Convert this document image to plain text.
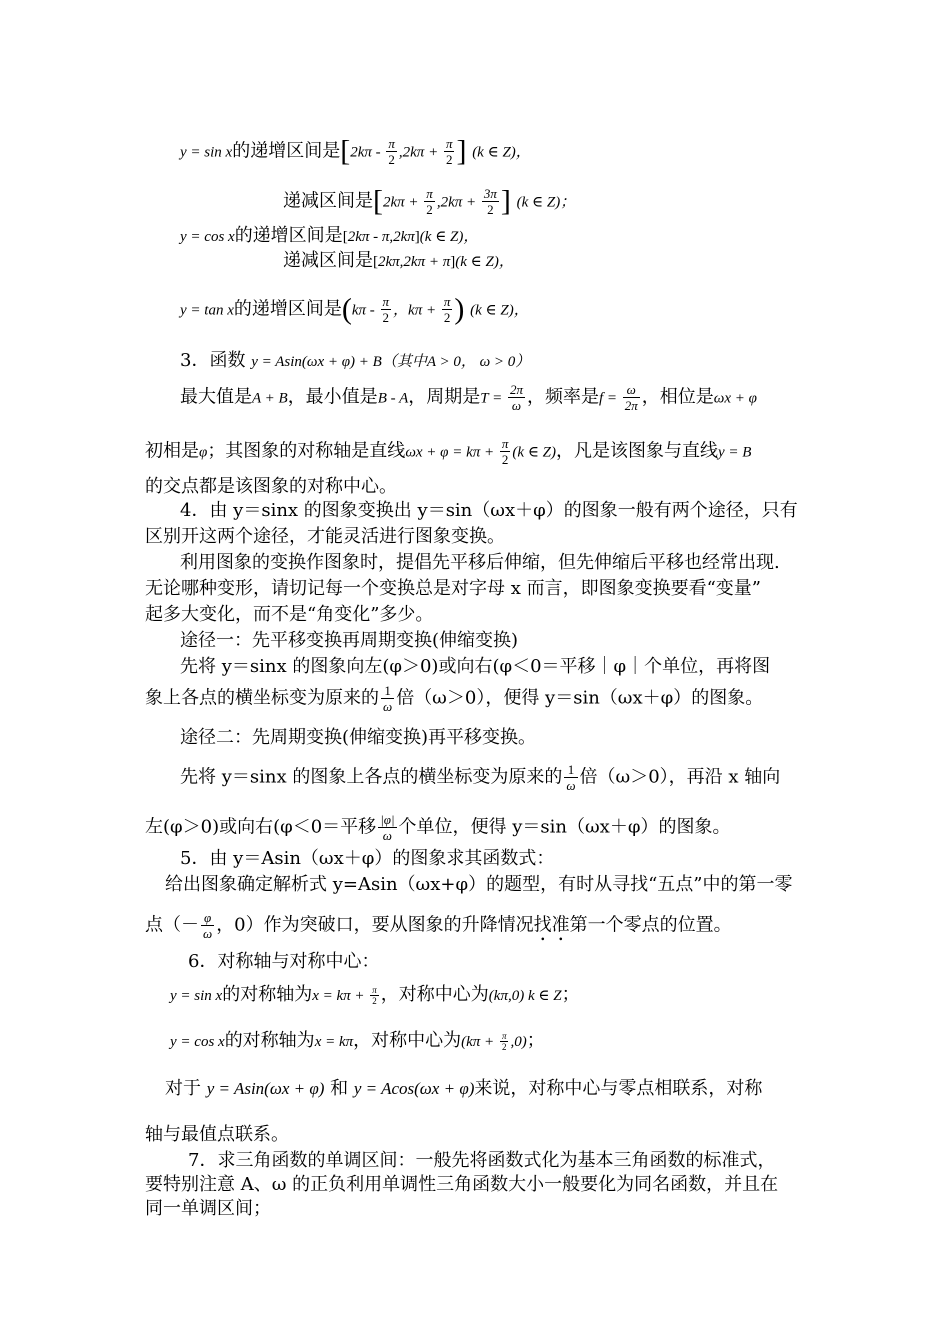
y = sin x的递增区间是[$2k\pi - \frac{\pi}{2} ,2k\pi + \frac{\pi}{2}$ ] (k ∈ Z)，
递减区间是[$2k\pi + \frac{\pi}{2} ,2k\pi + \frac{3\pi}{2}$ ] (k ∈ Z)；
y = cos x的递增区间是[2kπ - π,2kπ](k ∈ Z)，
递减区间是[2kπ,2kπ + π](k ∈ Z)，
y = tan x的递增区间是($k\pi - \frac{\pi}{2}$ ，$k\pi + \frac{\pi}{2}$ ) (k ∈ Z)，
3．函数 y = Asin(ωx + φ) + B（其中A > 0， ω > 0）
最大值是A + B，最小值是B - A，周期是$T = \frac{2\pi}{\omega}$ ，频率是$f = \frac{\omega}{2\pi}$ ，相位是ωx + φ
初相是φ；其图象的对称轴是直线$\omega x + \varphi = k\pi + \frac{\pi}{2} (k$ ∈ Z)，凡是该图象与直线y = B
的交点都是该图象的对称中心。
4．由 y＝sinx 的图象变换出 y＝sin（ωx＋φ）的图象一般有两个途径，只有
区别开这两个途径，才能灵活进行图象变换。
利用图象的变换作图象时，提倡先平移后伸缩，但先伸缩后平移也经常出现.
无论哪种变形，请切记每一个变换总是对字母 x 而言，即图象变换要看“变量”
起多大变化，而不是“角变化”多少。
途径一：先平移变换再周期变换(伸缩变换)
先将 y＝sinx 的图象向左(φ＞0)或向右(φ＜0＝平移｜φ｜个单位，再将图
象上各点的横坐标变为原来的 $\frac{1}{\omega}$ 倍（ω＞0），便得 y＝sin（ωx＋φ）的图象。
途径二：先周期变换(伸缩变换)再平移变换。
先将 y＝sinx 的图象上各点的横坐标变为原来的 $\frac{1}{\omega}$ 倍（ω＞0），再沿 x 轴向
左(φ＞0)或向右(φ＜0＝平移 $\frac{|\varphi|}{\omega}$ 个单位，便得 y＝sin（ωx＋φ）的图象。
5．由 y＝Asin（ωx＋φ）的图象求其函数式：
给出图象确定解析式 y=Asin（ωx+φ）的题型，有时从寻找“五点”中的第一零
点（－ $\frac{\varphi}{\omega}$ ，0）作为突破口，要从图象的升降情况找准第一个零点的位置。
6．对称轴与对称中心：
y = sin x的对称轴为$x = k\pi + \frac{\pi}{2}$ ，对称中心为(kπ,0) k ∈ Z；
y = cos x的对称轴为x = kπ，对称中心为$(k\pi + \frac{\pi}{2} ,0)$；
对于 y = Asin(ωx + φ) 和 y = Acos(ωx + φ)来说，对称中心与零点相联系，对称
轴与最值点联系。
7．求三角函数的单调区间：一般先将函数式化为基本三角函数的标准式，
要特别注意 A、ω 的正负利用单调性三角函数大小一般要化为同名函数，并且在
同一单调区间；
